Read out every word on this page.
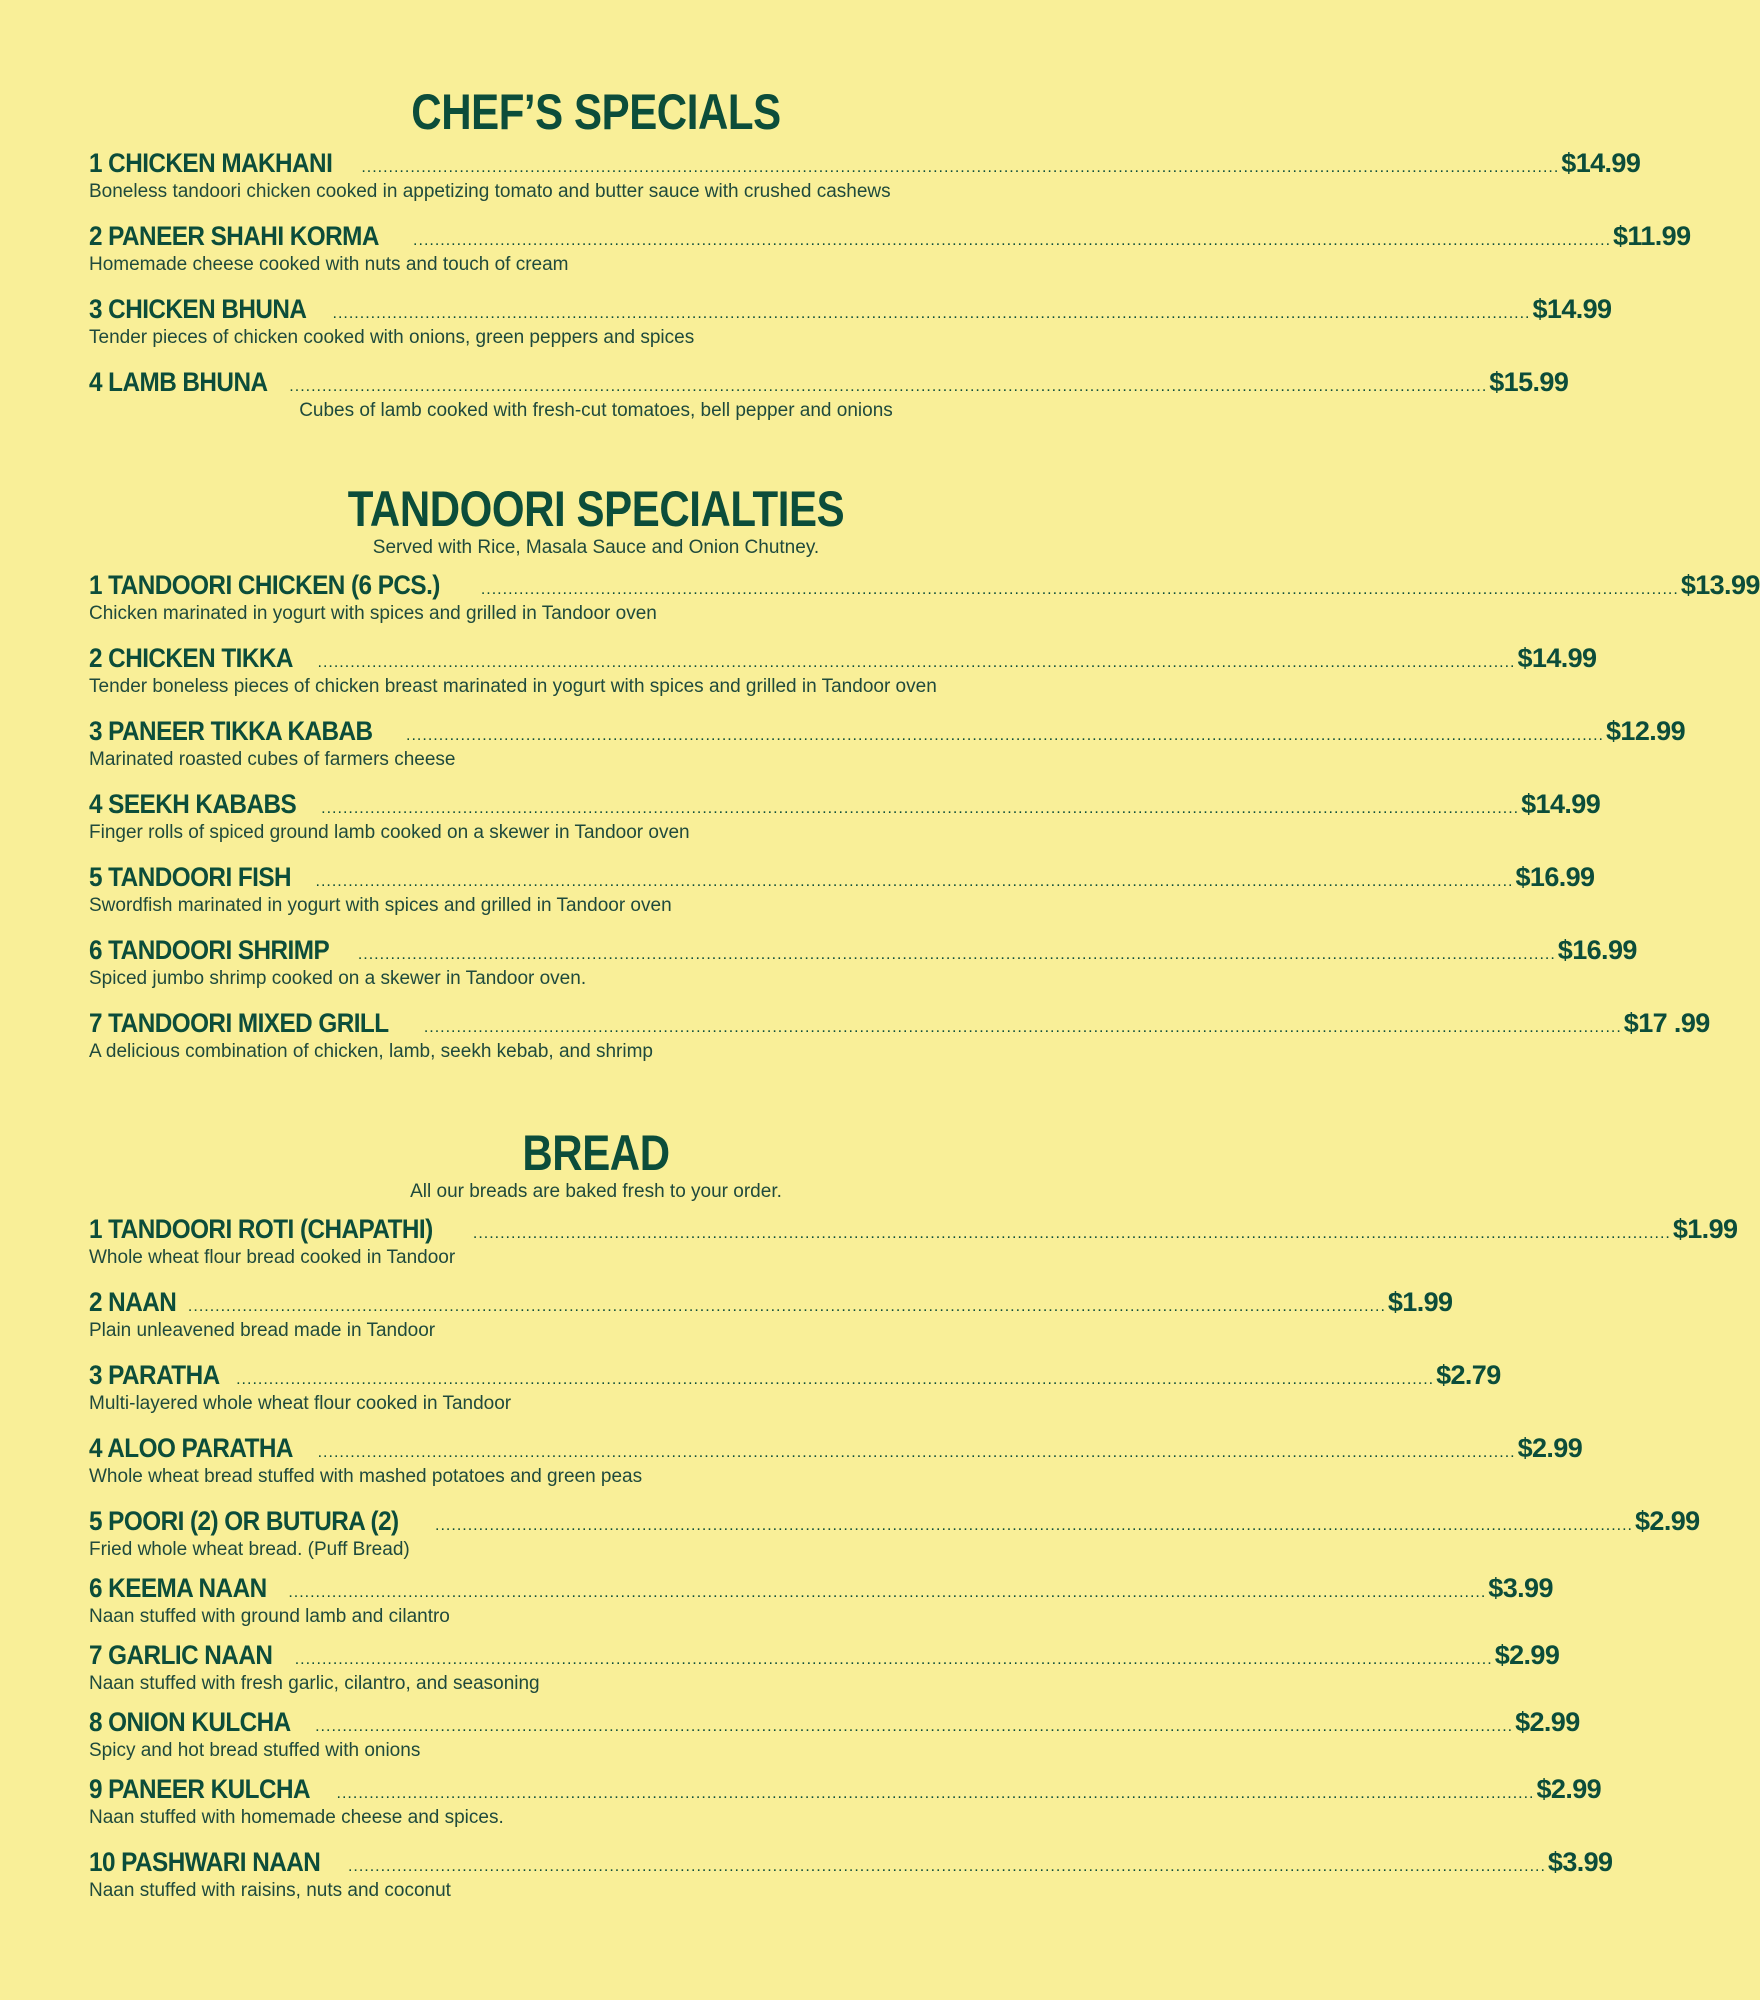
CHEF’S SPECIALS
1 CHICKEN MAKHANI ............................................................................................................................................................................................................................ $14.99
Boneless tandoori chicken cooked in appetizing tomato and butter sauce with crushed cashews
2 PANEER SHAHI KORMA ............................................................................................................................................................................................................................ $11.99
Homemade cheese cooked with nuts and touch of cream
3 CHICKEN BHUNA ............................................................................................................................................................................................................................ $14.99
Tender pieces of chicken cooked with onions, green peppers and spices
4 LAMB BHUNA ............................................................................................................................................................................................................................ $15.99
Cubes of lamb cooked with fresh-cut tomatoes, bell pepper and onions
TANDOORI SPECIALTIES
Served with Rice, Masala Sauce and Onion Chutney.
1 TANDOORI CHICKEN (6 PCS.)	............................................................................................................................................................................................................................ $13.99
Chicken marinated in yogurt with spices and grilled in Tandoor oven
2 CHICKEN TIKKA ............................................................................................................................................................................................................................ $14.99
Tender boneless pieces of chicken breast marinated in yogurt with spices and grilled in Tandoor oven
3 PANEER TIKKA KABAB ............................................................................................................................................................................................................................ $12.99
Marinated roasted cubes of farmers cheese
4 SEEKH KABABS ............................................................................................................................................................................................................................ $14.99
Finger rolls of spiced ground lamb cooked on a skewer in Tandoor oven
5 TANDOORI FISH ............................................................................................................................................................................................................................ $16.99
Swordfish marinated in yogurt with spices and grilled in Tandoor oven
6 TANDOORI SHRIMP ............................................................................................................................................................................................................................ $16.99
Spiced jumbo shrimp cooked on a skewer in Tandoor oven.
7 TANDOORI MIXED GRILL ............................................................................................................................................................................................................................ $17 .99
A delicious combination of chicken, lamb, seekh kebab, and shrimp
BREAD
All our breads are baked fresh to your order.
1 TANDOORI ROTI (CHAPATHI)	............................................................................................................................................................................................................................ $1.99
Whole wheat flour bread cooked in Tandoor
2 NAAN ............................................................................................................................................................................................................................ $1.99
Plain unleavened bread made in Tandoor
3 PARATHA ............................................................................................................................................................................................................................ $2.79
Multi-layered whole wheat flour cooked in Tandoor
4 ALOO PARATHA ............................................................................................................................................................................................................................ $2.99
Whole wheat bread stuffed with mashed potatoes and green peas
5 POORI (2) OR BUTURA (2) ............................................................................................................................................................................................................................ $2.99
Fried whole wheat bread. (Puff Bread)
6 KEEMA NAAN ............................................................................................................................................................................................................................ $3.99
Naan stuffed with ground lamb and cilantro
7 GARLIC NAAN ............................................................................................................................................................................................................................ $2.99
Naan stuffed with fresh garlic, cilantro, and seasoning
8 ONION KULCHA ............................................................................................................................................................................................................................ $2.99
Spicy and hot bread stuffed with onions
9 PANEER KULCHA ............................................................................................................................................................................................................................ $2.99
Naan stuffed with homemade cheese and spices.
10 PASHWARI NAAN ............................................................................................................................................................................................................................ $3.99
Naan stuffed with raisins, nuts and coconut
